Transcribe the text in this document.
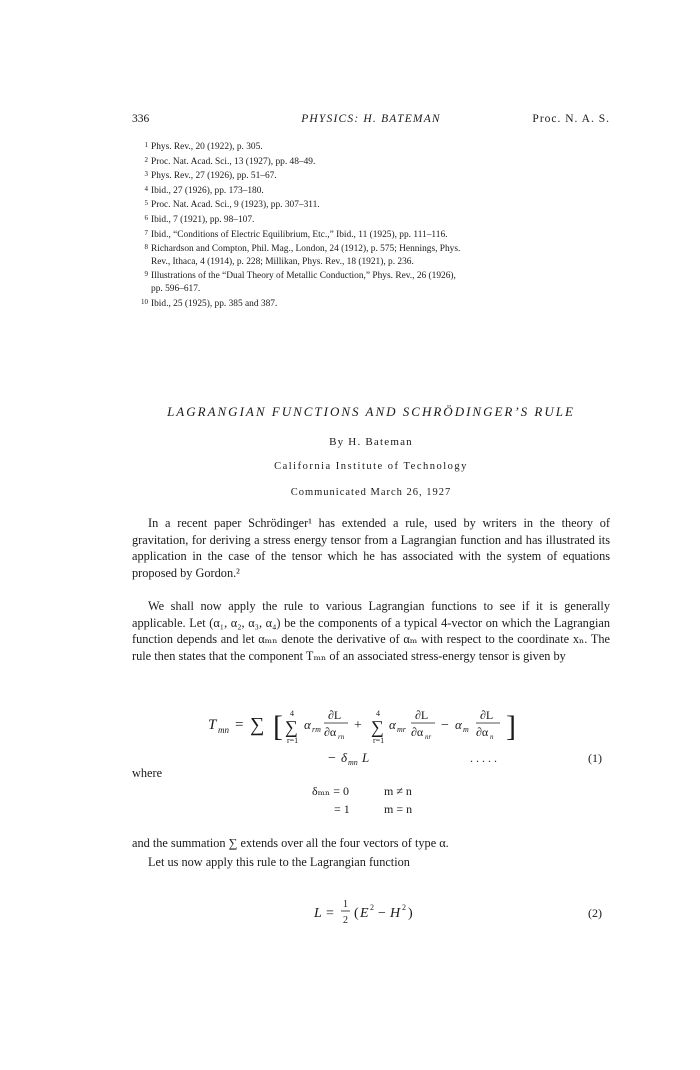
336	PHYSICS: H. BATEMAN	Proc. N. A. S.
1 Phys. Rev., 20 (1922), p. 305.
2 Proc. Nat. Acad. Sci., 13 (1927), pp. 48–49.
3 Phys. Rev., 27 (1926), pp. 51–67.
4 Ibid., 27 (1926), pp. 173–180.
5 Proc. Nat. Acad. Sci., 9 (1923), pp. 307–311.
6 Ibid., 7 (1921), pp. 98–107.
7 Ibid., “Conditions of Electric Equilibrium, Etc.,” Ibid., 11 (1925), pp. 111–116.
8 Richardson and Compton, Phil. Mag., London, 24 (1912), p. 575; Hennings, Phys.
Rev., Ithaca, 4 (1914), p. 228; Millikan, Phys. Rev., 18 (1921), p. 236.
9 Illustrations of the “Dual Theory of Metallic Conduction,” Phys. Rev., 26 (1926),
pp. 596–617.
10 Ibid., 25 (1925), pp. 385 and 387.
LAGRANGIAN FUNCTIONS AND SCHRÖDINGER’S RULE
By H. Bateman
California Institute of Technology
Communicated March 26, 1927

In a recent paper Schrödinger¹ has extended a rule, used by writers in the theory of gravitation, for deriving a stress energy tensor from a Lagrangian function and has illustrated its application in the case of the tensor which he has associated with the system of equations proposed by Gordon.²

We shall now apply the rule to various Lagrangian functions to see if it is generally applicable. Let (α₁, α₂, α₃, α₄) be the components of a typical 4-vector on which the Lagrangian function depends and let αₘₙ denote the derivative of αₘ with respect to the coordinate xₙ. The rule then states that the component Tₘₙ of an associated stress-energy tensor is given by

T mn = ∑ [ 4
∑
r=1
α rm
∂L
∂α rn
+
4
∑
r=1
α mr
∂L
∂α nr
− α m
∂L
∂α n ]
− δ mn L	. . . . .	(1)
where
δₘₙ = 0	m ≠ n
= 1	m = n
and the summation ∑ extends over all the four vectors of type α.
Let us now apply this rule to the Lagrangian function
L =
1
2 ( E 2 − H 2 )	(2)
